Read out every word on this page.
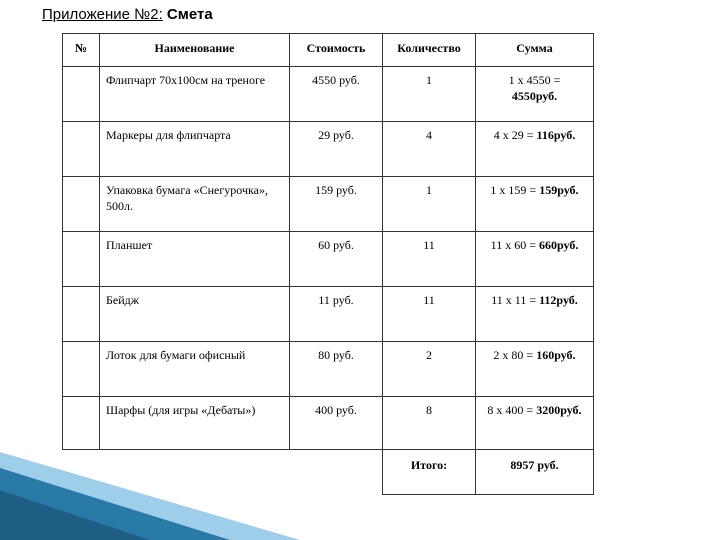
Приложение №2: Смета
№	Наименование	Стоимость	Количество	Сумма
	Флипчарт 70х100см на треноге	4550 руб.	1	1 х 4550 =
4550руб.
	Маркеры для флипчарта	29 руб.	4	4 х 29 = 116руб.
	Упаковка бумага «Снегурочка», 500л.	159 руб.	1	1 х 159 = 159руб.
	Планшет	60 руб.	11	11 х 60 = 660руб.
	Бейдж	11 руб.	11	11 х 11 = 112руб.
	Лоток для бумаги офисный	80 руб.	2	2 х 80 = 160руб.
	Шарфы (для игры «Дебаты»)	400 руб.	8	8 х 400 = 3200руб.
			Итого:	8957 руб.
